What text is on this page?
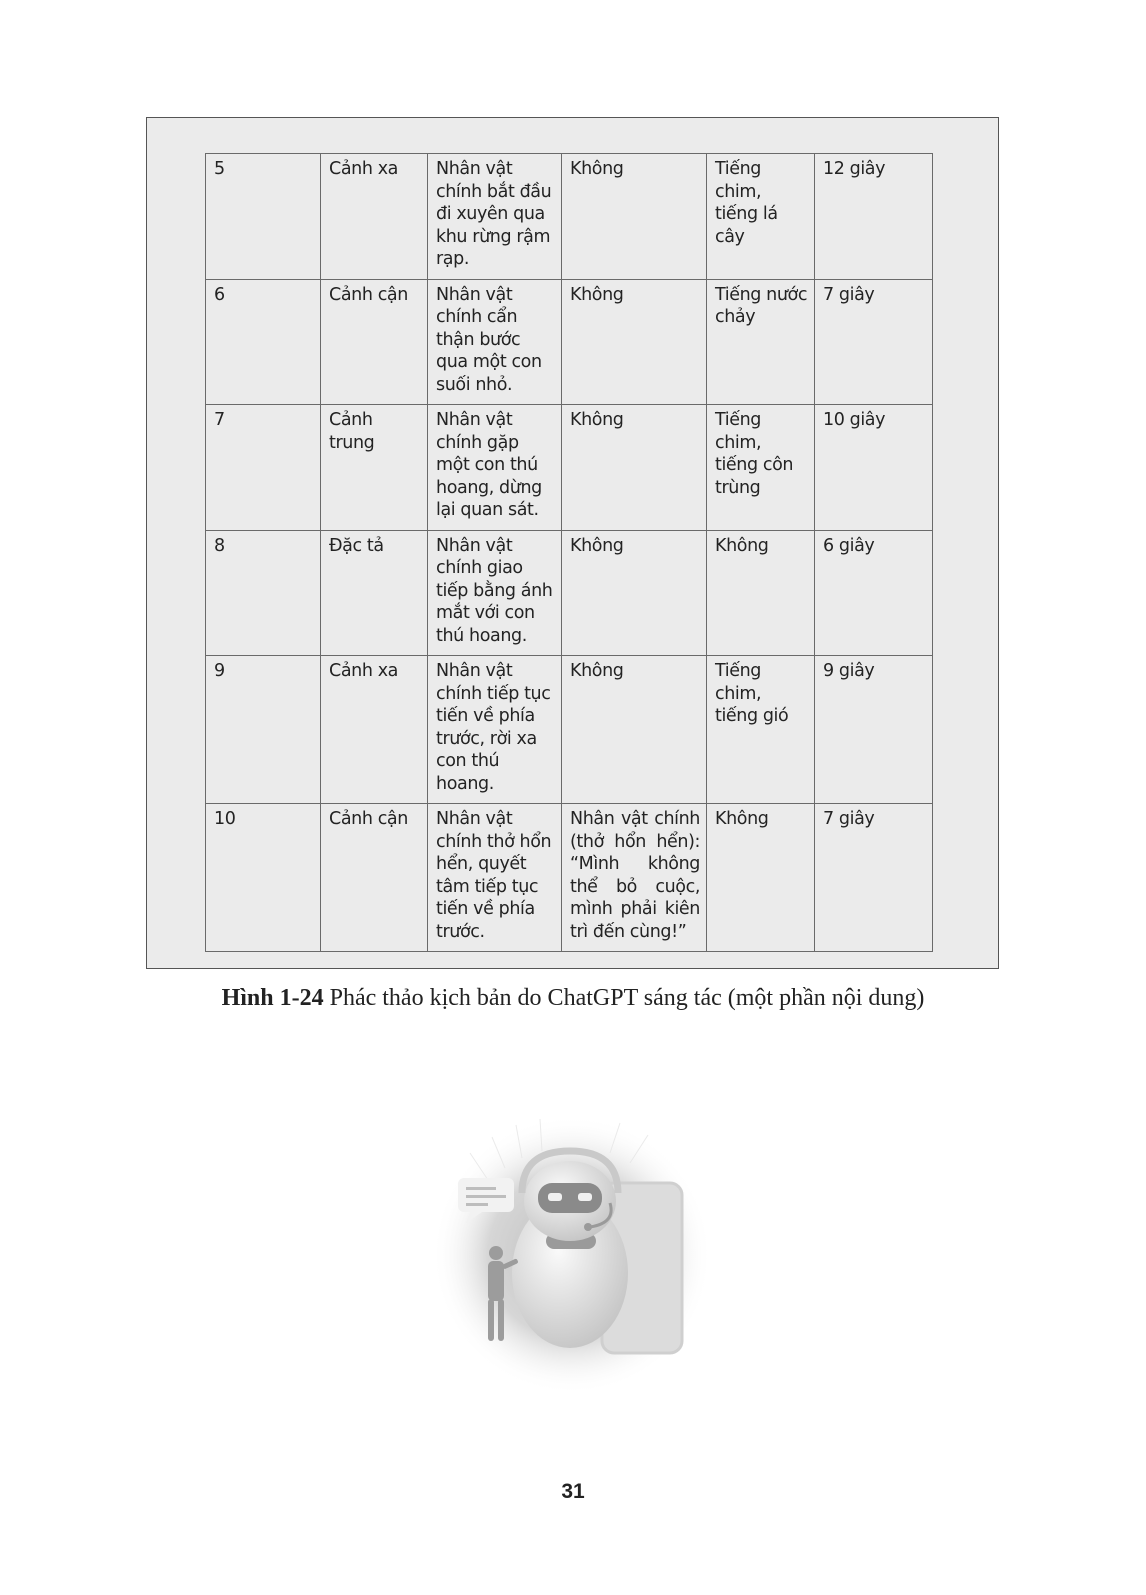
5	Cảnh xa	Nhân vật chính bắt đầu đi xuyên qua khu rừng rậm rạp.	Không	Tiếng chim, tiếng lá cây	12 giây
6	Cảnh cận	Nhân vật chính cẩn thận bước qua một con suối nhỏ.	Không	Tiếng nước chảy	7 giây
7	Cảnh trung	Nhân vật chính gặp một con thú hoang, dừng lại quan sát.	Không	Tiếng chim, tiếng côn trùng	10 giây
8	Đặc tả	Nhân vật chính giao tiếp bằng ánh mắt với con thú hoang.	Không	Không	6 giây
9	Cảnh xa	Nhân vật chính tiếp tục tiến về phía trước, rời xa con thú hoang.	Không	Tiếng chim, tiếng gió	9 giây
10	Cảnh cận	Nhân vật chính thở hổn hển, quyết tâm tiếp tục tiến về phía trước.	Nhân vật chính (thở hổn hển): “Mình không thể bỏ cuộc, mình phải kiên trì đến cùng!”	Không	7 giây
Hình 1-24 Phác thảo kịch bản do ChatGPT sáng tác (một phần nội dung)
31
